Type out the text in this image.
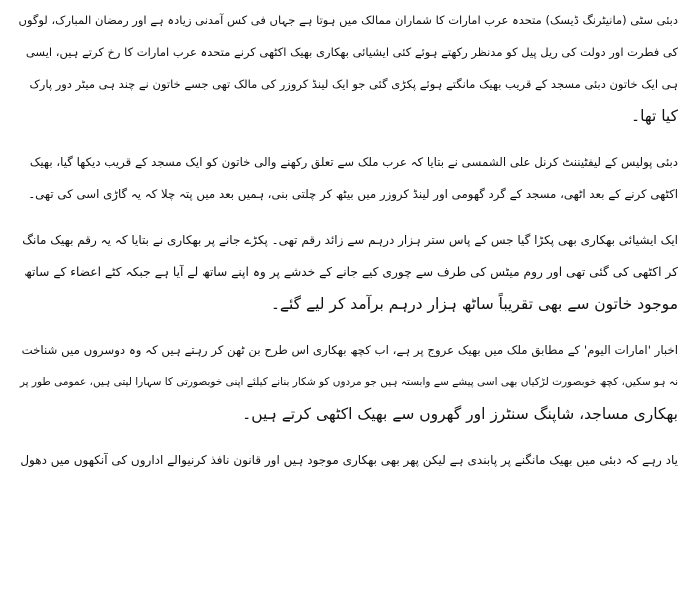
دبئی سٹی (مانیٹرنگ ڈیسک) متحدہ عرب امارات کا شماران ممالک میں ہوتا ہے جہاں فی کس آمدنی زیادہ ہے اور رمضان المبارک، لوگوں
کی فطرت اور دولت کی ریل پیل کو مدنظر رکھتے ہوئے کئی ایشیائی بھکاری بھیک اکٹھی کرنے متحدہ عرب امارات کا رخ کرتے ہیں، ایسی
ہی ایک خاتون دبئی مسجد کے قریب بھیک مانگتے ہوئے پکڑی گئی جو ایک لینڈ کروزر کی مالک تھی جسے خاتون نے چند ہی میٹر دور پارک
کیا تھا۔
دبئی پولیس کے لیفٹیننٹ کرنل علی الشمسی نے بتایا کہ عرب ملک سے تعلق رکھنے والی خاتون کو ایک مسجد کے قریب دیکھا گیا، بھیک
اکٹھی کرنے کے بعد اٹھی، مسجد کے گرد گھومی اور لینڈ کروزر میں بیٹھ کر چلتی بنی، ہمیں بعد میں پتہ چلا کہ یہ گاڑی اسی کی تھی۔
ایک ایشیائی بھکاری بھی پکڑا گیا جس کے پاس ستر ہزار درہم سے زائد رقم تھی۔ پکڑے جانے پر بھکاری نے بتایا کہ یہ رقم بھیک مانگ
کر اکٹھی کی گئی تھی اور روم میٹس کی طرف سے چوری کیے جانے کے خدشے پر وہ اپنے ساتھ لے آیا ہے جبکہ کٹے اعضاء کے ساتھ
موجود خاتون سے بھی تقریباً ساٹھ ہزار درہم برآمد کر لیے گئے۔
اخبار 'امارات الیوم' کے مطابق ملک میں بھیک عروج پر ہے، اب کچھ بھکاری اس طرح بن ٹھن کر رہتے ہیں کہ وہ دوسروں میں شناخت
نہ ہو سکیں، کچھ خوبصورت لڑکیاں بھی اسی پیشے سے وابستہ ہیں جو مردوں کو شکار بنانے کیلئے اپنی خوبصورتی کا سہارا لیتی ہیں، عمومی طور پر
بھکاری مساجد، شاپنگ سنٹرز اور گھروں سے بھیک اکٹھی کرتے ہیں۔
یاد رہے کہ دبئی میں بھیک مانگنے پر پابندی ہے لیکن پھر بھی بھکاری موجود ہیں اور قانون نافذ کرنیوالے اداروں کی آنکھوں میں دھول
